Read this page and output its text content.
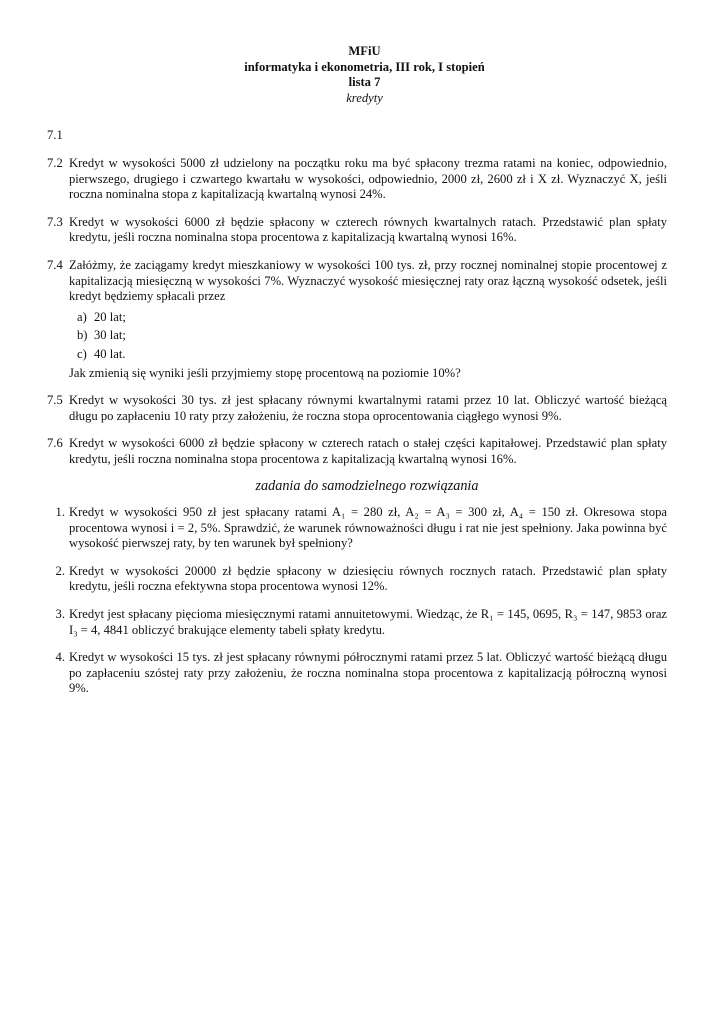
MFiU
informatyka i ekonometria, III rok, I stopień
lista 7
kredyty
7.1
7.2 Kredyt w wysokości 5000 zł udzielony na początku roku ma być spłacony trezma ratami na koniec, odpowiednio, pierwszego, drugiego i czwartego kwartału w wysokości, odpowiednio, 2000 zł, 2600 zł i X zł. Wyznaczyć X, jeśli roczna nominalna stopa z kapitalizacją kwartalną wynosi 24%.
7.3 Kredyt w wysokości 6000 zł będzie spłacony w czterech równych kwartalnych ratach. Przedstawić plan spłaty kredytu, jeśli roczna nominalna stopa procentowa z kapitalizacją kwartalną wynosi 16%.
7.4 Załóżmy, że zaciągamy kredyt mieszkaniowy w wysokości 100 tys. zł, przy rocznej nominalnej stopie procentowej z kapitalizacją miesięczną w wysokości 7%. Wyznaczyć wysokość miesięcznej raty oraz łączną wysokość odsetek, jeśli kredyt będziemy spłacali przez

a) 20 lat;
b) 30 lat;
c) 40 lat.

Jak zmienią się wyniki jeśli przyjmiemy stopę procentową na poziomie 10%?

7.5 Kredyt w wysokości 30 tys. zł jest spłacany równymi kwartalnymi ratami przez 10 lat. Obliczyć wartość bieżącą długu po zapłaceniu 10 raty przy założeniu, że roczna stopa oprocentowania ciągłego wynosi 9%.
7.6 Kredyt w wysokości 6000 zł będzie spłacony w czterech ratach o stałej części kapitałowej. Przedstawić plan spłaty kredytu, jeśli roczna nominalna stopa procentowa z kapitalizacją kwartalną wynosi 16%.
zadania do samodzielnego rozwiązania
1. Kredyt w wysokości 950 zł jest spłacany ratami A₁ = 280 zł, A₂ = A₃ = 300 zł, A₄ = 150 zł. Okresowa stopa procentowa wynosi i = 2, 5%. Sprawdzić, że warunek równoważności długu i rat nie jest spełniony. Jaka powinna być wysokość pierwszej raty, by ten warunek był spełniony?
2. Kredyt w wysokości 20000 zł będzie spłacony w dziesięciu równych rocznych ratach. Przedstawić plan spłaty kredytu, jeśli roczna efektywna stopa procentowa wynosi 12%.
3. Kredyt jest spłacany pięcioma miesięcznymi ratami annuitetowymi. Wiedząc, że R₁ = 145, 0695, R₃ = 147, 9853 oraz I₃ = 4, 4841 obliczyć brakujące elementy tabeli spłaty kredytu.
4. Kredyt w wysokości 15 tys. zł jest spłacany równymi półrocznymi ratami przez 5 lat. Obliczyć wartość bieżącą długu po zapłaceniu szóstej raty przy założeniu, że roczna nominalna stopa procentowa z kapitalizacją półroczną wynosi 9%.
